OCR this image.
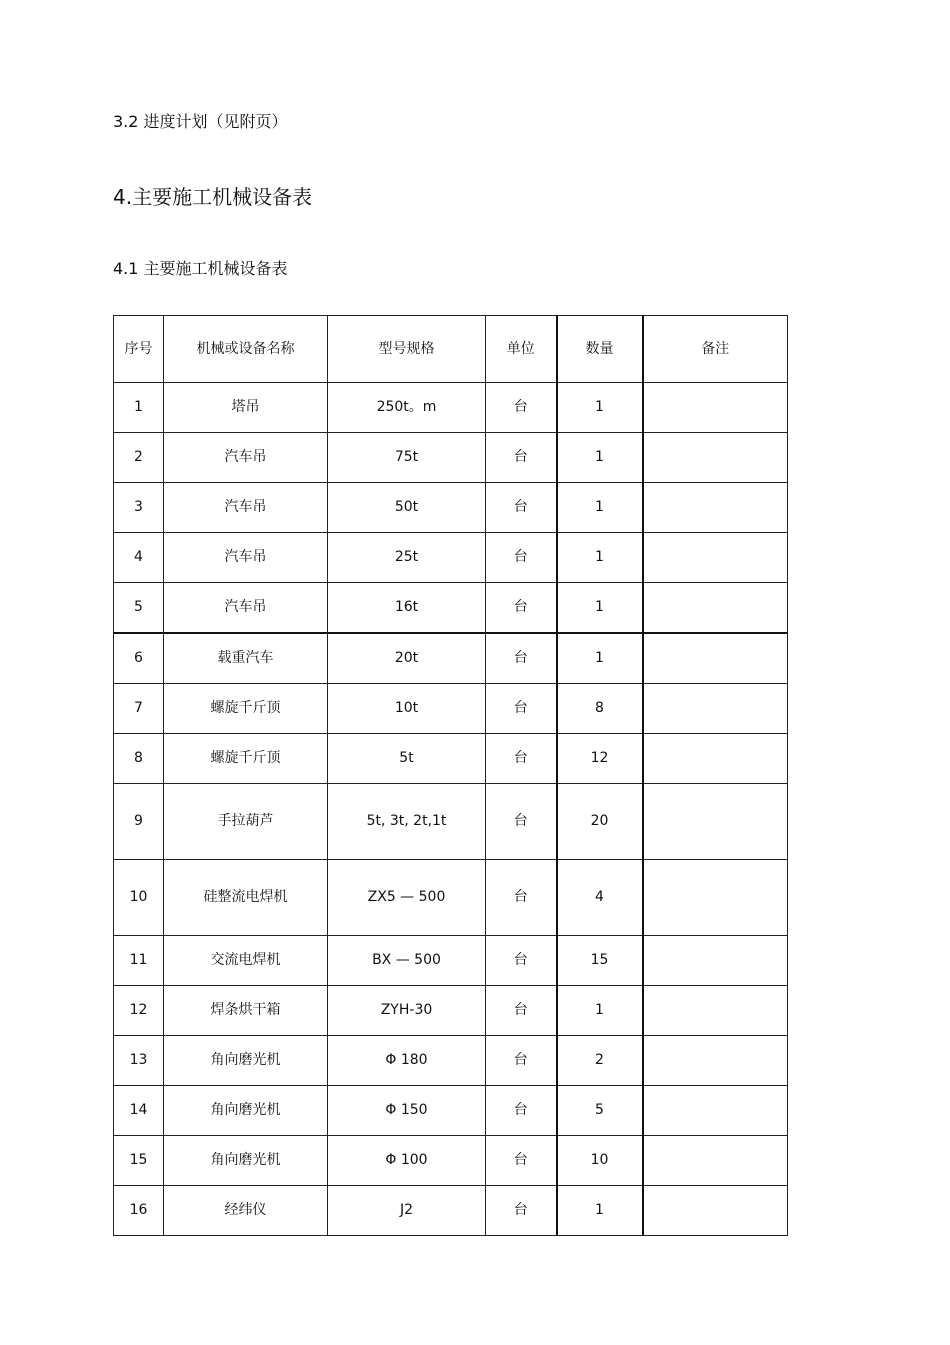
3.2 进度计划（见附页）
4.主要施工机械设备表
4.1 主要施工机械设备表
序号	机械或设备名称	型号规格	单位	数量	备注
1	塔吊	250t。m	台	1	
2	汽车吊	75t	台	1	
3	汽车吊	50t	台	1	
4	汽车吊	25t	台	1	
5	汽车吊	16t	台	1	
6	载重汽车	20t	台	1	
7	螺旋千斤顶	10t	台	8	
8	螺旋千斤顶	5t	台	12	
9	手拉葫芦	5t, 3t, 2t,1t	台	20	
10	硅整流电焊机	ZX5 — 500	台	4	
11	交流电焊机	BX — 500	台	15	
12	焊条烘干箱	ZYH-30	台	1	
13	角向磨光机	Φ 180	台	2	
14	角向磨光机	Φ 150	台	5	
15	角向磨光机	Φ 100	台	10	
16	经纬仪	J2	台	1	
